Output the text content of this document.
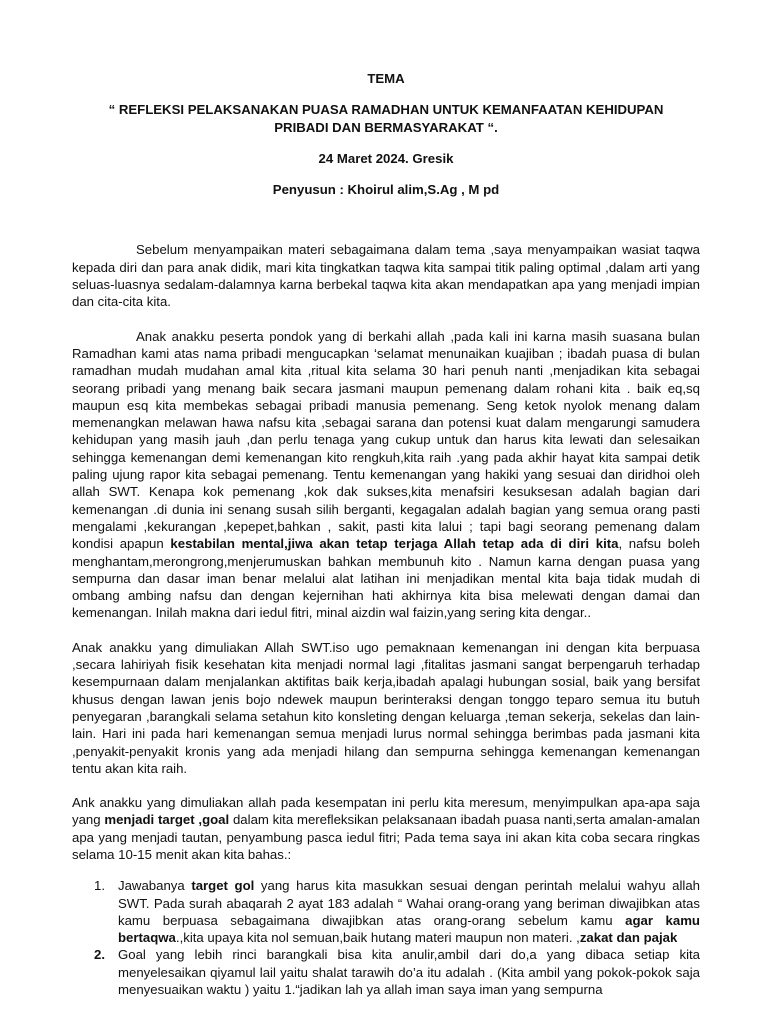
TEMA

“ REFLEKSI PELAKSANAKAN PUASA RAMADHAN UNTUK KEMANFAATAN KEHIDUPAN
PRIBADI DAN BERMASYARAKAT “.

24 Maret 2024. Gresik

Penyusun : Khoirul alim,S.Ag , M pd

Sebelum menyampaikan materi sebagaimana dalam tema ,saya menyampaikan wasiat taqwa kepada diri dan para anak didik, mari kita tingkatkan taqwa kita sampai titik paling optimal ,dalam arti yang seluas-luasnya sedalam-dalamnya karna berbekal taqwa kita akan mendapatkan apa yang menjadi impian dan cita-cita kita.

Anak anakku peserta pondok yang di berkahi allah ,pada kali ini karna masih suasana bulan Ramadhan kami atas nama pribadi mengucapkan ‘selamat menunaikan kuajiban ; ibadah puasa di bulan ramadhan mudah mudahan amal kita ,ritual kita selama 30 hari penuh nanti ,menjadikan kita sebagai seorang pribadi yang menang baik secara jasmani maupun pemenang dalam rohani kita . baik eq,sq maupun esq kita membekas sebagai pribadi manusia pemenang. Seng ketok nyolok menang dalam memenangkan melawan hawa nafsu kita ,sebagai sarana dan potensi kuat dalam mengarungi samudera kehidupan yang masih jauh ,dan perlu tenaga yang cukup untuk dan harus kita lewati dan selesaikan sehingga kemenangan demi kemenangan kito rengkuh,kita raih .yang pada akhir hayat kita sampai detik paling ujung rapor kita sebagai pemenang. Tentu kemenangan yang hakiki yang sesuai dan diridhoi oleh allah SWT. Kenapa kok pemenang ,kok dak sukses,kita menafsiri kesuksesan adalah bagian dari kemenangan .di dunia ini senang susah silih berganti, kegagalan adalah bagian yang semua orang pasti mengalami ,kekurangan ,kepepet,bahkan , sakit, pasti kita lalui ; tapi bagi seorang pemenang dalam kondisi apapun kestabilan mental,jiwa akan tetap terjaga Allah tetap ada di diri kita, nafsu boleh menghantam,merongrong,menjerumuskan bahkan membunuh kito . Namun karna dengan puasa yang sempurna dan dasar iman benar melalui alat latihan ini menjadikan mental kita baja tidak mudah di ombang ambing nafsu dan dengan kejernihan hati akhirnya kita bisa melewati dengan damai dan kemenangan. Inilah makna dari iedul fitri, minal aizdin wal faizin,yang sering kita dengar..

Anak anakku yang dimuliakan Allah SWT.iso ugo pemaknaan kemenangan ini dengan kita berpuasa ,secara lahiriyah fisik kesehatan kita menjadi normal lagi ,fitalitas jasmani sangat berpengaruh terhadap kesempurnaan dalam menjalankan aktifitas baik kerja,ibadah apalagi hubungan sosial, baik yang bersifat khusus dengan lawan jenis bojo ndewek maupun berinteraksi dengan tonggo teparo semua itu butuh penyegaran ,barangkali selama setahun kito konsleting dengan keluarga ,teman sekerja, sekelas dan lain-lain. Hari ini pada hari kemenangan semua menjadi lurus normal sehingga berimbas pada jasmani kita ,penyakit-penyakit kronis yang ada menjadi hilang dan sempurna sehingga kemenangan kemenangan tentu akan kita raih.

Ank anakku yang dimuliakan allah pada kesempatan ini perlu kita meresum, menyimpulkan apa-apa saja yang menjadi target ,goal dalam kita merefleksikan pelaksanaan ibadah puasa nanti,serta amalan-amalan apa yang menjadi tautan, penyambung pasca iedul fitri; Pada tema saya ini akan kita coba secara ringkas selama 10-15 menit akan kita bahas.:

1. Jawabanya target gol yang harus kita masukkan sesuai dengan perintah melalui wahyu allah SWT. Pada surah abaqarah 2 ayat 183 adalah “ Wahai orang-orang yang beriman diwajibkan atas kamu berpuasa sebagaimana diwajibkan atas orang-orang sebelum kamu agar kamu bertaqwa.,kita upaya kita nol semuan,baik hutang materi maupun non materi. ,zakat dan pajak
2. Goal yang lebih rinci barangkali bisa kita anulir,ambil dari do,a yang dibaca setiap kita menyelesaikan qiyamul lail yaitu shalat tarawih do’a itu adalah . (Kita ambil yang pokok-pokok saja menyesuaikan waktu ) yaitu 1.“jadikan lah ya allah iman saya iman yang sempurna
